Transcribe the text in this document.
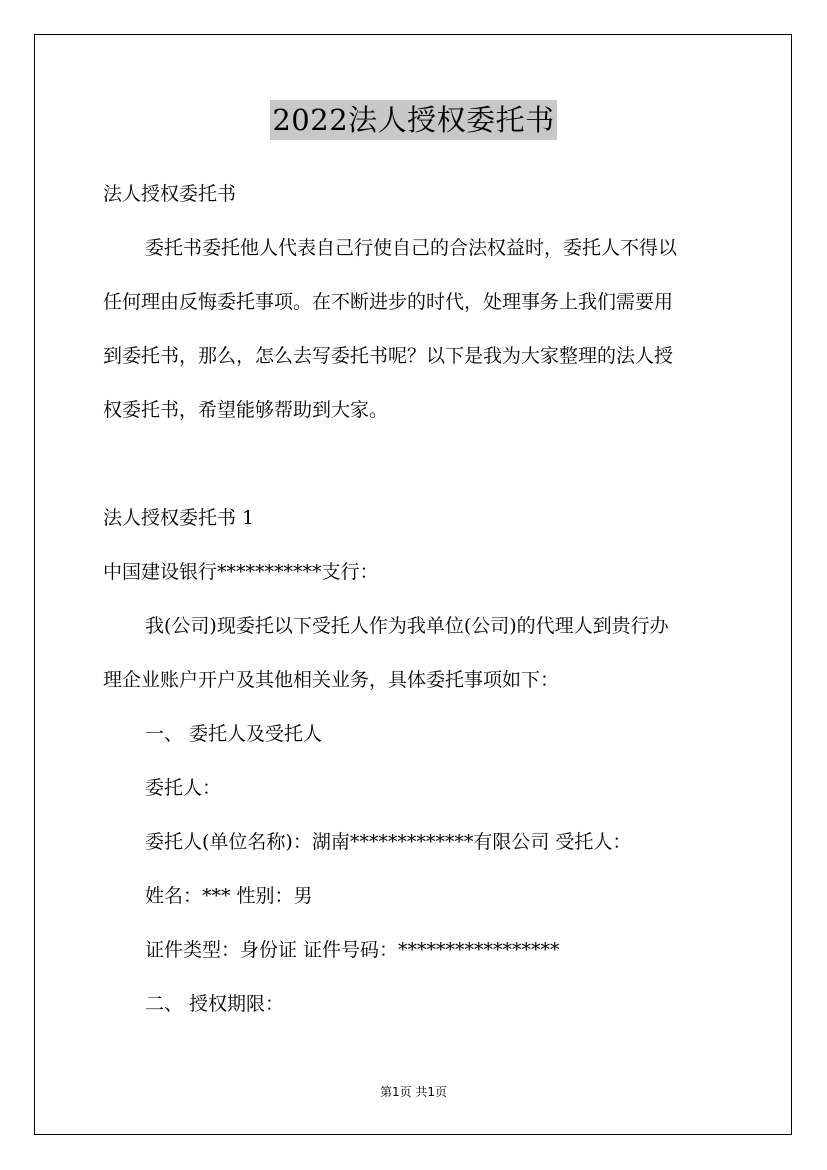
2022法人授权委托书
法人授权委托书
委托书委托他人代表自己行使自己的合法权益时，委托人不得以
任何理由反悔委托事项。在不断进步的时代，处理事务上我们需要用
到委托书，那么，怎么去写委托书呢？以下是我为大家整理的法人授
权委托书，希望能够帮助到大家。
法人授权委托书 1
中国建设银行***********支行：
我(公司)现委托以下受托人作为我单位(公司)的代理人到贵行办
理企业账户开户及其他相关业务，具体委托事项如下：
一、 委托人及受托人
委托人：
委托人(单位名称)：湖南*************有限公司 受托人：
姓名：*** 性别：男
证件类型：身份证 证件号码：*****************
二、 授权期限：
第1页 共1页
